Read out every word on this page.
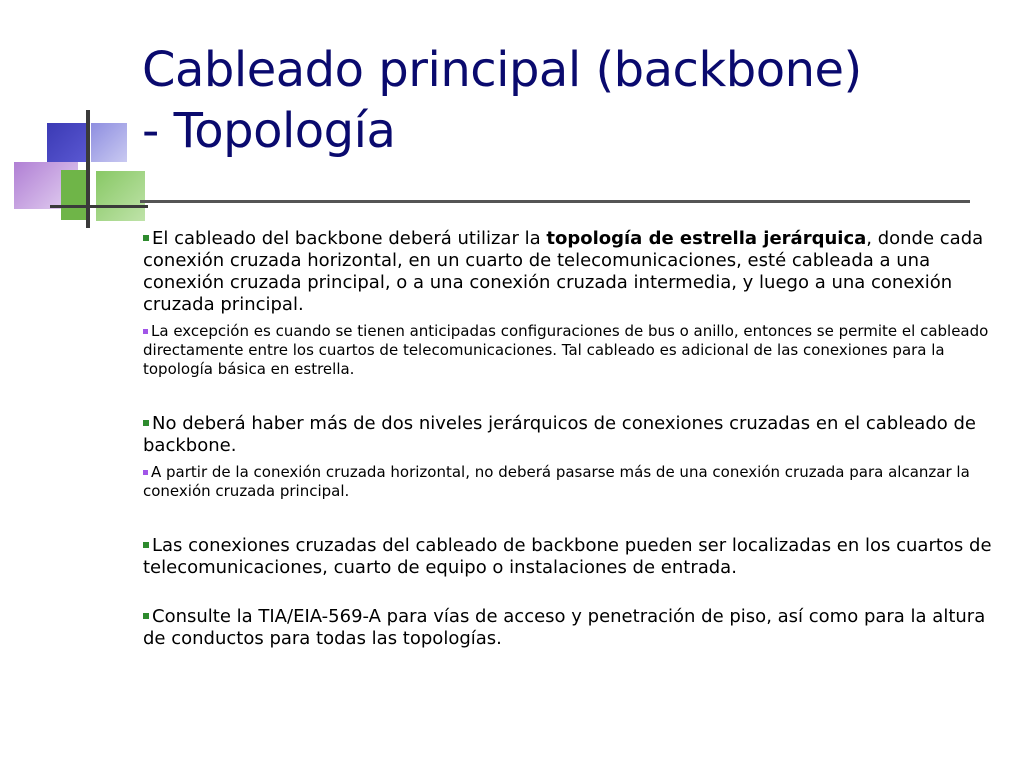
Cableado principal (backbone)
- Topología

El cableado del backbone deberá utilizar la topología de estrella jerárquica, donde cada conexión cruzada horizontal, en un cuarto de telecomunicaciones, esté cableada a una conexión cruzada principal, o a una conexión cruzada intermedia, y luego a una conexión cruzada principal.

La excepción es cuando se tienen anticipadas configuraciones de bus o anillo, entonces se permite el cableado directamente entre los cuartos de telecomunicaciones. Tal cableado es adicional de las conexiones para la topología básica en estrella.

No deberá haber más de dos niveles jerárquicos de conexiones cruzadas en el cableado de backbone.

A partir de la conexión cruzada horizontal, no deberá pasarse más de una conexión cruzada para alcanzar la conexión cruzada principal.

Las conexiones cruzadas del cableado de backbone pueden ser localizadas en los cuartos de telecomunicaciones, cuarto de equipo o instalaciones de entrada.

Consulte la TIA/EIA-569-A para vías de acceso y penetración de piso, así como para la altura de conductos para todas las topologías.
